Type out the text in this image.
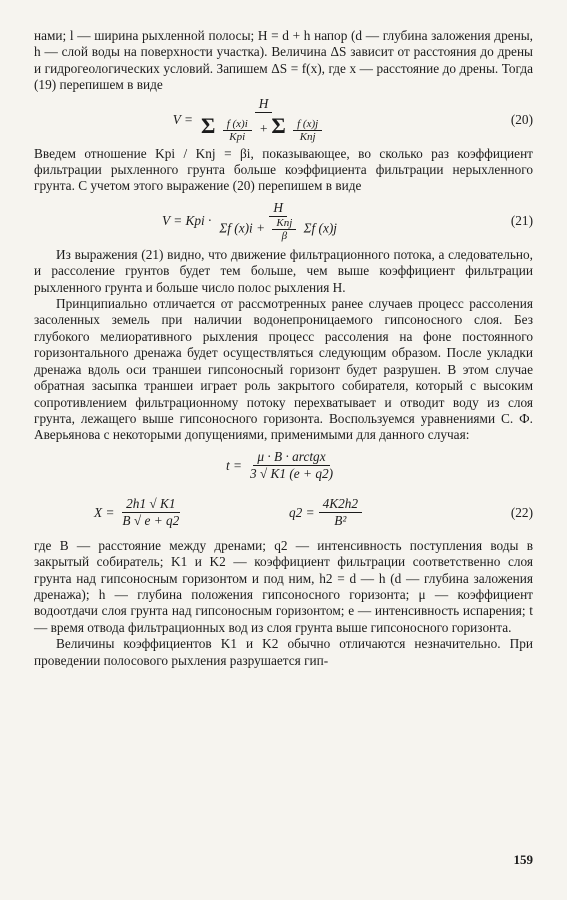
нами; l — ширина рыхленной полосы; H = d + h напор (d — глубина заложения дрены, h — слой воды на поверхности участка). Величина ΔS зависит от расстояния до дрены и гидрогеологических условий. Запишем ΔS = f(x), где x — расстояние до дрены. Тогда (19) перепишем в виде

V =
H
Σ $\frac{f (x)i}{\text{Kpi}} + \Sigma \frac{f (x)j}{\text{Knj}}$	(20)

Введем отношение Kpi / Knj = βi, показывающее, во сколько раз коэффициент фильтрации рыхленного грунта больше коэффициента фильтрации нерыхленного грунта. С учетом этого выражение (20) перепишем в виде

V = Kpi ·
H
Σf $(x)i + \frac{\text{Knj}}{\beta}$ Σf (x)j
(21)

Из выражения (21) видно, что движение фильтрационного потока, а следовательно, и рассоление грунтов будет тем больше, чем выше коэффициент фильтрации рыхленного грунта и больше число полос рыхления H.

Принципиально отличается от рассмотренных ранее случаев процесс рассоления засоленных земель при наличии водонепроницаемого гипсоносного слоя. Без глубокого мелиоративного рыхления процесс рассоления на фоне постоянного горизонтального дренажа будет осуществляться следующим образом. После укладки дренажа вдоль оси траншеи гипсоносный горизонт будет разрушен. В этом случае обратная засыпка траншеи играет роль закрытого собирателя, который с высоким сопротивлением фильтрационному потоку перехватывает и отводит воду из слоя грунта, лежащего выше гипсоносного горизонта. Воспользуемся уравнениями С. Ф. Аверьянова с некоторыми допущениями, применимыми для данного случая:

$t = \frac{\text{μ · B · arctgx}}{3 √ K1 (e + q2)}$
$X = \frac{2h1 √ K1}{B √ e + q2}$	$q2 = \frac{4K2h2}{\text{B²}}$	(22)

где B — расстояние между дренами; q2 — интенсивность поступления воды в закрытый собиратель; K1 и K2 — коэффициент фильтрации соответственно слоя грунта над гипсоносным горизонтом и под ним, h2 = d — h (d — глубина заложения дренажа); h — глубина положения гипсоносного горизонта; μ — коэффициент водоотдачи слоя грунта над гипсоносным горизонтом; e — интенсивность испарения; t — время отвода фильтрационных вод из слоя грунта выше гипсоносного горизонта.

Величины коэффициентов K1 и K2 обычно отличаются незначительно. При проведении полосового рыхления разрушается гип-

159
